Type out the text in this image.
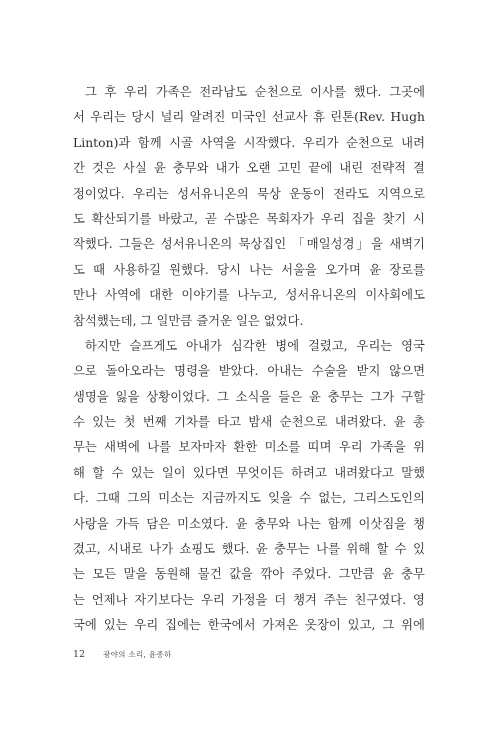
그 후 우리 가족은 전라남도 순천으로 이사를 했다. 그곳에
서 우리는 당시 널리 알려진 미국인 선교사 휴 린톤(Rev. Hugh
Linton)과 함께 시골 사역을 시작했다. 우리가 순천으로 내려
간 것은 사실 윤 충무와 내가 오랜 고민 끝에 내린 전략적 결
정이었다. 우리는 성서유니온의 묵상 운동이 전라도 지역으로
도 확산되기를 바랐고, 곧 수많은 목회자가 우리 집을 찾기 시
작했다. 그들은 성서유니온의 묵상집인 「매일성경」을 새벽기
도 때 사용하길 원했다. 당시 나는 서울을 오가며 윤 장로를
만나 사역에 대한 이야기를 나누고, 성서유니온의 이사회에도
참석했는데, 그 일만큼 즐거운 일은 없었다.
하지만 슬프게도 아내가 심각한 병에 걸렸고, 우리는 영국
으로 돌아오라는 명령을 받았다. 아내는 수술을 받지 않으면
생명을 잃을 상황이었다. 그 소식을 들은 윤 충무는 그가 구할
수 있는 첫 번째 기차를 타고 밤새 순천으로 내려왔다. 윤 총
무는 새벽에 나를 보자마자 환한 미소를 띠며 우리 가족을 위
해 할 수 있는 일이 있다면 무엇이든 하려고 내려왔다고 말했
다. 그때 그의 미소는 지금까지도 잊을 수 없는, 그리스도인의
사랑을 가득 담은 미소였다. 윤 충무와 나는 함께 이삿짐을 챙
겼고, 시내로 나가 쇼핑도 했다. 윤 충무는 나를 위해 할 수 있
는 모든 말을 동원해 물건 값을 깎아 주었다. 그만큼 윤 충무
는 언제나 자기보다는 우리 가정을 더 챙겨 주는 친구였다. 영
국에 있는 우리 집에는 한국에서 가져온 옷장이 있고, 그 위에
12 광야의 소리, 윤종하
